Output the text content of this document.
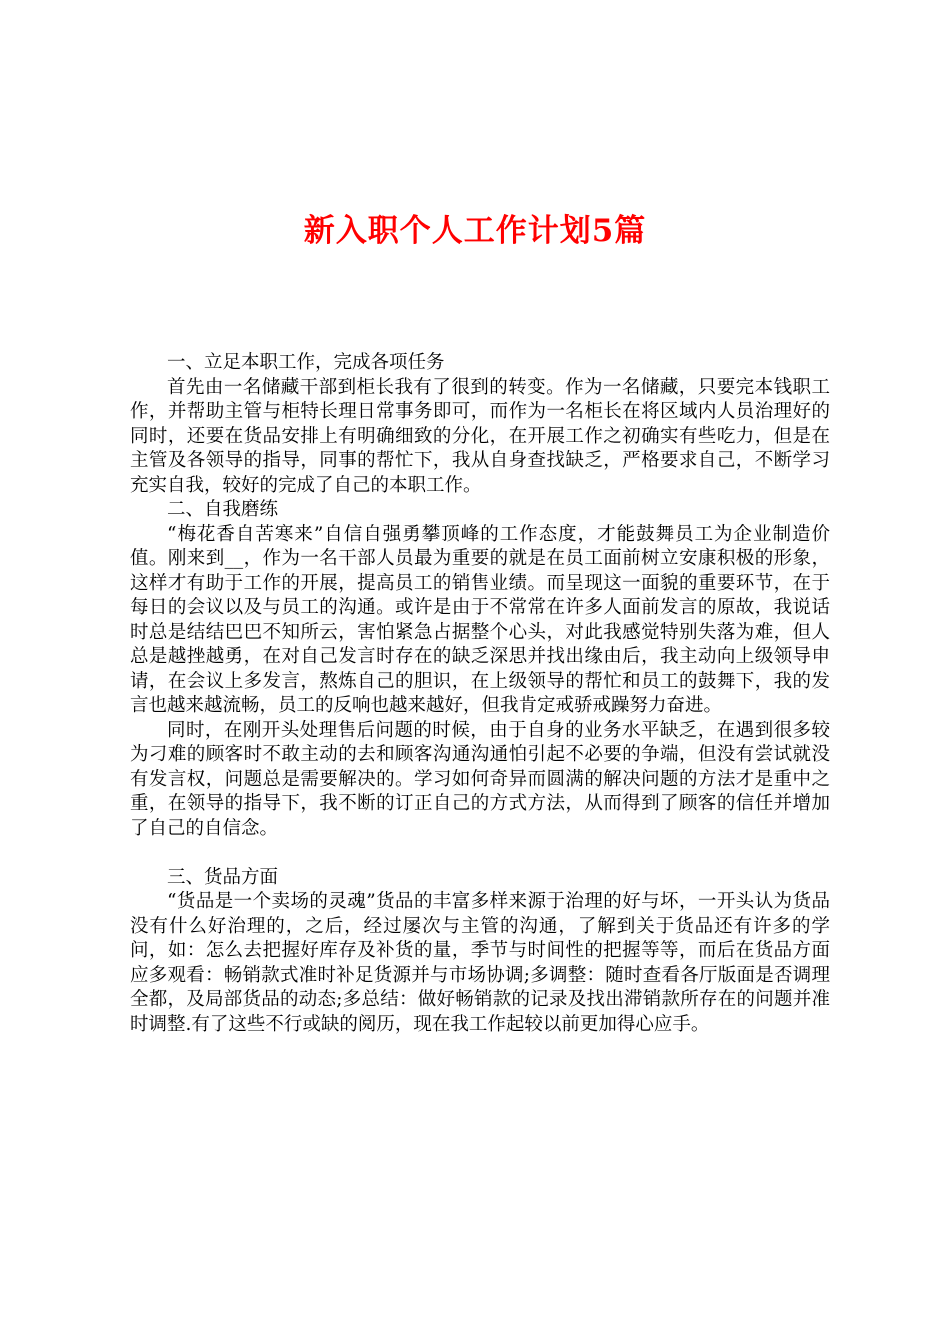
新入职个人工作计划5篇

一、立足本职工作，完成各项任务

首先由一名储藏干部到柜长我有了很到的转变。作为一名储藏，只要完本钱职工作，并帮助主管与柜特长理日常事务即可，而作为一名柜长在将区域内人员治理好的同时，还要在货品安排上有明确细致的分化，在开展工作之初确实有些吃力，但是在主管及各领导的指导，同事的帮忙下，我从自身查找缺乏，严格要求自己，不断学习充实自我，较好的完成了自己的本职工作。

二、自我磨练

“梅花香自苦寒来”自信自强勇攀顶峰的工作态度，才能鼓舞员工为企业制造价值。刚来到__，作为一名干部人员最为重要的就是在员工面前树立安康积极的形象，这样才有助于工作的开展，提高员工的销售业绩。而呈现这一面貌的重要环节，在于每日的会议以及与员工的沟通。或许是由于不常常在许多人面前发言的原故，我说话时总是结结巴巴不知所云，害怕紧急占据整个心头，对此我感觉特别失落为难，但人总是越挫越勇，在对自己发言时存在的缺乏深思并找出缘由后，我主动向上级领导申请，在会议上多发言，熬炼自己的胆识，在上级领导的帮忙和员工的鼓舞下，我的发言也越来越流畅，员工的反响也越来越好，但我肯定戒骄戒躁努力奋进。

同时，在刚开头处理售后问题的时候，由于自身的业务水平缺乏，在遇到很多较为刁难的顾客时不敢主动的去和顾客沟通沟通怕引起不必要的争端，但没有尝试就没有发言权，问题总是需要解决的。学习如何奇异而圆满的解决问题的方法才是重中之重，在领导的指导下，我不断的订正自己的方式方法，从而得到了顾客的信任并增加了自己的自信念。

三、货品方面

“货品是一个卖场的灵魂”货品的丰富多样来源于治理的好与坏，一开头认为货品没有什么好治理的，之后，经过屡次与主管的沟通，了解到关于货品还有许多的学问，如：怎么去把握好库存及补货的量，季节与时间性的把握等等，而后在货品方面应多观看：畅销款式准时补足货源并与市场协调;多调整：随时查看各厅版面是否调理全都，及局部货品的动态;多总结：做好畅销款的记录及找出滞销款所存在的问题并准时调整.有了这些不行或缺的阅历，现在我工作起较以前更加得心应手。
